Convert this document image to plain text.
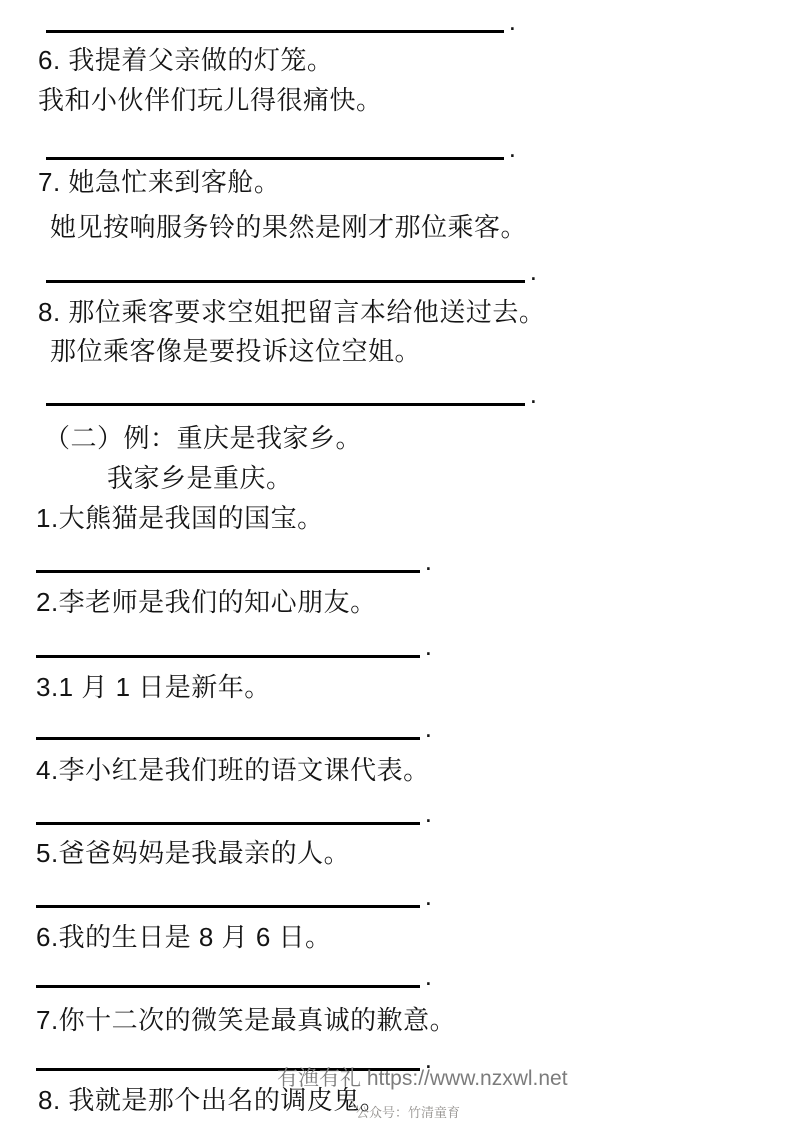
.
6. 我提着父亲做的灯笼。
我和小伙伴们玩儿得很痛快。
.
7. 她急忙来到客舱。
她见按响服务铃的果然是刚才那位乘客。
.
8. 那位乘客要求空姐把留言本给他送过去。
那位乘客像是要投诉这位空姐。
.
（二）例：重庆是我家乡。
我家乡是重庆。
1.大熊猫是我国的国宝。
.
2.李老师是我们的知心朋友。
.
3.1 月 1 日是新年。
.
4.李小红是我们班的语文课代表。
.
5.爸爸妈妈是我最亲的人。
.
6.我的生日是 8 月 6 日。
.
7.你十二次的微笑是最真诚的歉意。
.
8. 我就是那个出名的调皮鬼。
有渔有礼 https://www.nzxwl.net
公众号：竹清童育
